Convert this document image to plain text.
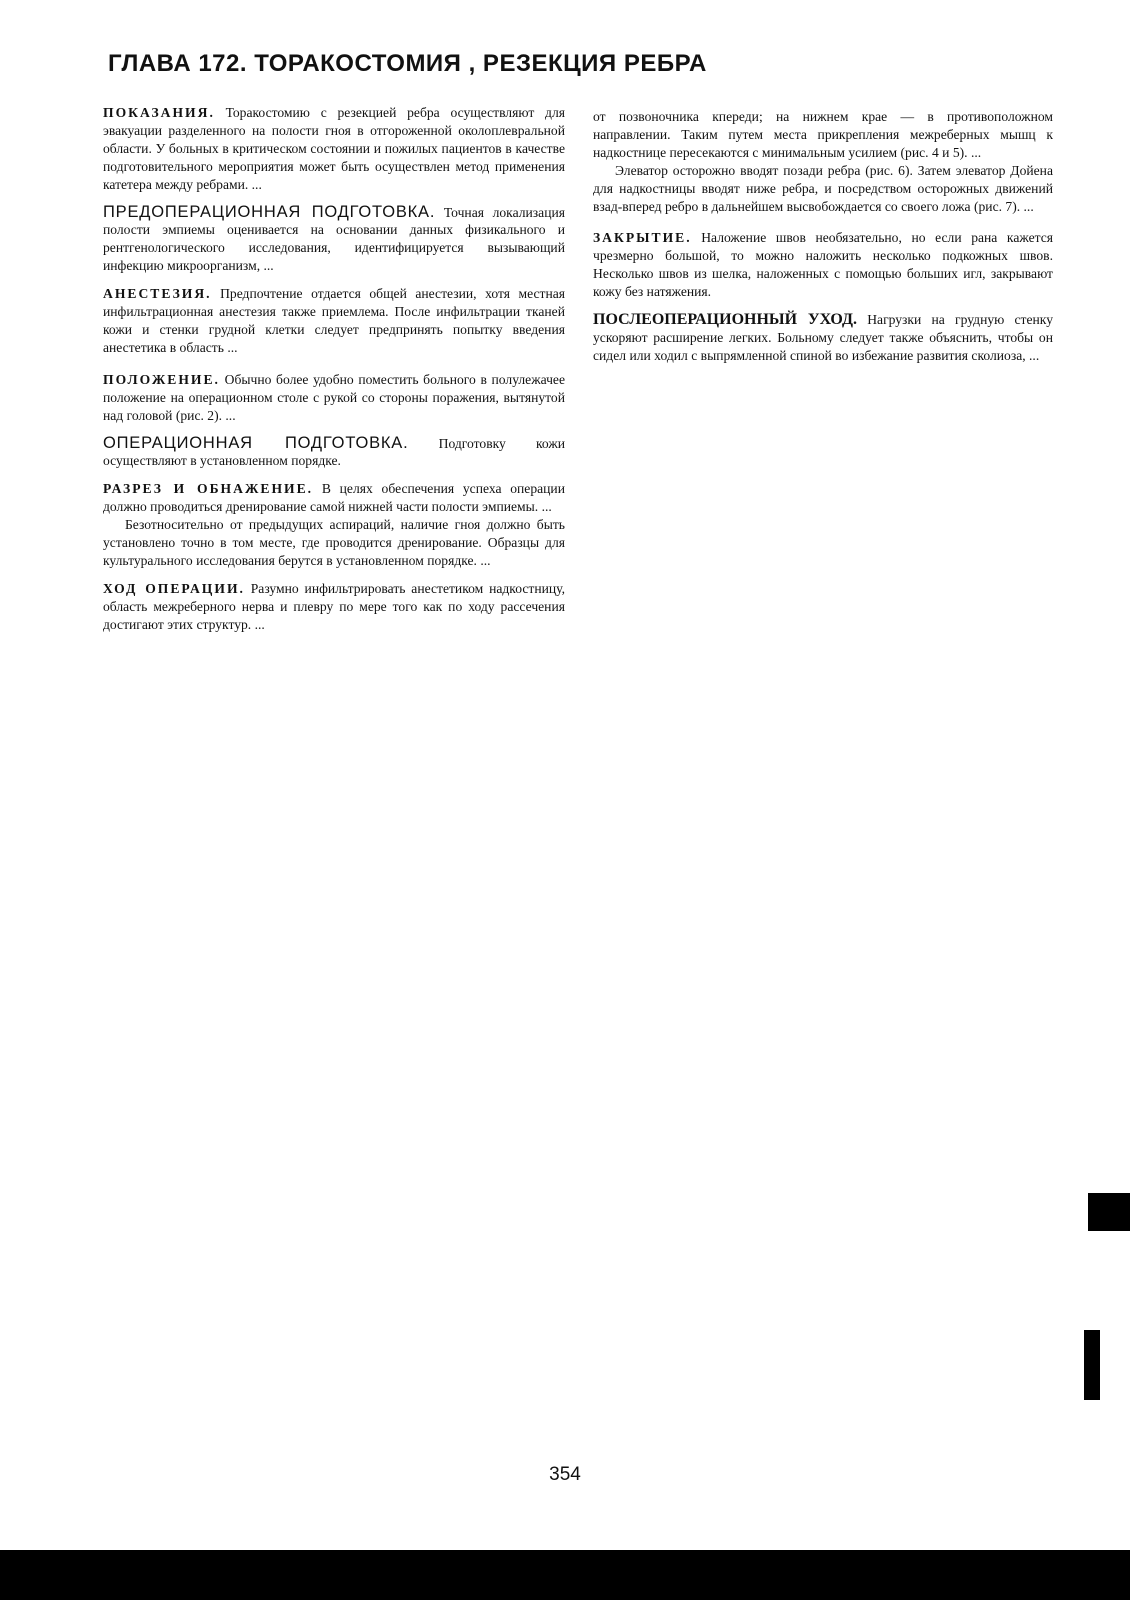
ГЛАВА 172. ТОРАКОСТОМИЯ , РЕЗЕКЦИЯ РЕБРА

ПОКАЗАНИЯ. Торакостомию с резекцией ребра осуществляют для эвакуации разделенного на полости гноя в отгороженной околоплевральной области. У больных в критическом состоянии и пожилых пациентов в качестве подготовительного мероприятия может быть осуществлен метод применения катетера между ребрами. ...

ПРЕДОПЕРАЦИОННАЯ ПОДГОТОВКА. Точная локализация полости эмпиемы оценивается на основании данных физикального и рентгенологического исследования, идентифицируется вызывающий инфекцию микроорганизм, ...

АНЕСТЕЗИЯ. Предпочтение отдается общей анестезии, хотя местная инфильтрационная анестезия также приемлема. После инфильтрации тканей кожи и стенки грудной клетки следует предпринять попытку введения анестетика в область ...

ПОЛОЖЕНИЕ. Обычно более удобно поместить больного в полулежачее положение на операционном столе с рукой со стороны поражения, вытянутой над головой (рис. 2). ...

ОПЕРАЦИОННАЯ ПОДГОТОВКА. Подготовку кожи осуществляют в установленном порядке.

РАЗРЕЗ И ОБНАЖЕНИЕ. В целях обеспечения успеха операции должно проводиться дренирование самой нижней части полости эмпиемы. ...

Безотносительно от предыдущих аспираций, наличие гноя должно быть установлено точно в том месте, где проводится дренирование. Образцы для культурального исследования берутся в установленном порядке. ...

ХОД ОПЕРАЦИИ. Разумно инфильтрировать анестетиком надкостницу, область межреберного нерва и плевру по мере того как по ходу рассечения достигают этих структур. ...

от позвоночника кпереди; на нижнем крае — в противоположном направлении. Таким путем места прикрепления межреберных мышц к надкостнице пересекаются с минимальным усилием (рис. 4 и 5). ...

Элеватор осторожно вводят позади ребра (рис. 6). Затем элеватор Дойена для надкостницы вводят ниже ребра, и посредством осторожных движений взад-вперед ребро в дальнейшем высвобождается со своего ложа (рис. 7). ...

ЗАКРЫТИЕ. Наложение швов необязательно, но если рана кажется чрезмерно большой, то можно наложить несколько подкожных швов. Несколько швов из шелка, наложенных с помощью больших игл, закрывают кожу без натяжения.

ПОСЛЕОПЕРАЦИОННЫЙ УХОД. Нагрузки на грудную стенку ускоряют расширение легких. Больному следует также объяснить, чтобы он сидел или ходил с выпрямленной спиной во избежание развития сколиоза, ...

354
